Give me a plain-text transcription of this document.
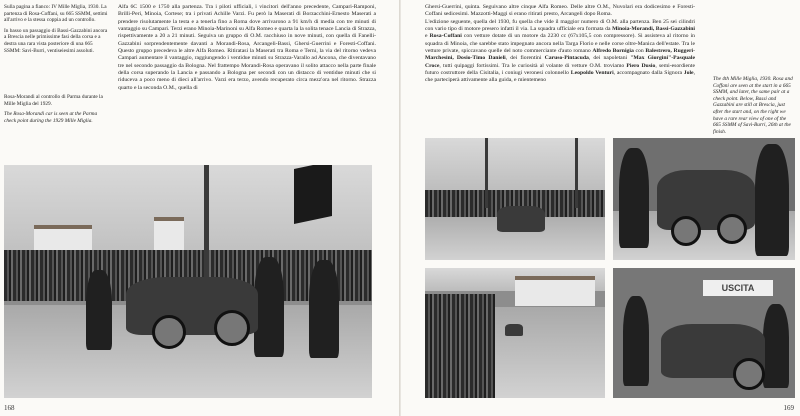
Sulla pagina a fianco: IV Mille Miglia, 1930. La partenza di Rosa-Coffani, su 665 SSMM, settimi all'arrivo e la stessa coppia ad un controllo.

In basso un passaggio di Bassi-Gazzabini ancora a Brescia nelle primissime fasi della corsa e a destra una rara vista posteriore di una 665 SSMM: Savi-Burri, ventiseiesimi assoluti.

Rosa-Morandi al controllo di Parma durante la Mille Miglia del 1929.

The Rosa-Morandi car is seen at the Parma check point during the 1929 Mille Miglia.

Alfa 6C 1500 e 1750 alla partenza. Tra i piloti ufficiali, i vincitori dell'anno precedente, Campari-Ramponi, Brilli-Peri, Minoia, Cortese; tra i privati Achille Varzi. Fu però la Maserati di Borzacchini-Ernesto Maserati a prendere risolutamente la testa e a tenerla fino a Roma dove arrivarono a 91 km/h di media con tre minuti di vantaggio su Campari. Terzi erano Minoia-Marinoni su Alfa Romeo e quarta la la solita tenace Lancia di Strazza, rispettivamente a 20 a 21 minuti. Seguiva un gruppo di O.M. racchiuso in nove minuti, con quella di Fanelli-Gazzabini sorprendentemente davanti a Morandi-Rosa, Arcangeli-Bassi, Ghersi-Guerrini e Foresti-Coffani. Questo gruppo precedeva le altre Alfa Romeo. Ritiratasi la Maserati tra Roma e Terni, la via del ritorno vedeva Campari aumentare il vantaggio, raggiungendo i ventidue minuti su Strazza-Varallo ad Ancona, che diventavano tre nel secondo passaggio da Bologna. Nel frattempo Morandi-Rosa operavano il solito attacco nella parte finale della corsa superando la Lancia e passando a Bologna per secondi con un distacco di ventidue minuti che si riduceva a poco meno di dieci all'arrivo. Varzi era terzo, avendo recuperato circa mezz'ora nel ritorno. Strazza quarto e la seconda O.M., quella di
168
Ghersi-Guerrini, quinta. Seguivano altre cinque Alfa Romeo. Delle altre O.M., Nuvolari era dodicesimo e Foresti-Coffani sedicesimi. Mazzotti-Maggi si erano ritirati presto, Arcangeli dopo Roma.
L'edizione seguente, quella del 1930, fu quella che vide il maggior numero di O.M. alla partenza. Ben 25 sei cilindri con vario tipo di motore presero infatti il via. La squadra ufficiale era formata da Minoia-Morandi, Bassi-Gazzabini e Rosa-Coffani con vetture dotate di un motore da 2230 cc (67x105,5 con compressore). Si assisteva al ritorno in squadra di Minoia, che sarebbe stato impegnato ancora nella Targa Florio e nelle corse oltre-Manica dell'estate. Tra le vetture private, spiccavano quelle del noto commerciante d'auto romano Alfredo Bornigia con Balestrero, Ruggeri-Marchesini, Dosio-Timo Danieli, dei fiorentini Caruso-Pintacuda, dei napoletani "Max Giorgini"-Pasquale Croce, tutti quipaggi fortissimi. Tra le curiosità al volante di vetture O.M. troviamo Piero Dusio, semi-esordiente futuro costruttore della Cisitalia, i coniugi veronesi colonnello Leopoldo Venturi, accompagnato dalla Signora Jole, che parteciperà attivamente alla guida, e mientemeno	The 4th Mille Miglia, 1930. Rosa and Coffani are seen at the start in a 665 SSMM, and later, the same pair at a check point. Below, Bassi and Gazzabini are still at Brescia, just after the start and, on the right we have a rare rear view of one of the 665 SSMM of Savi-Burri, 26th at the finish.
USCITA
169
